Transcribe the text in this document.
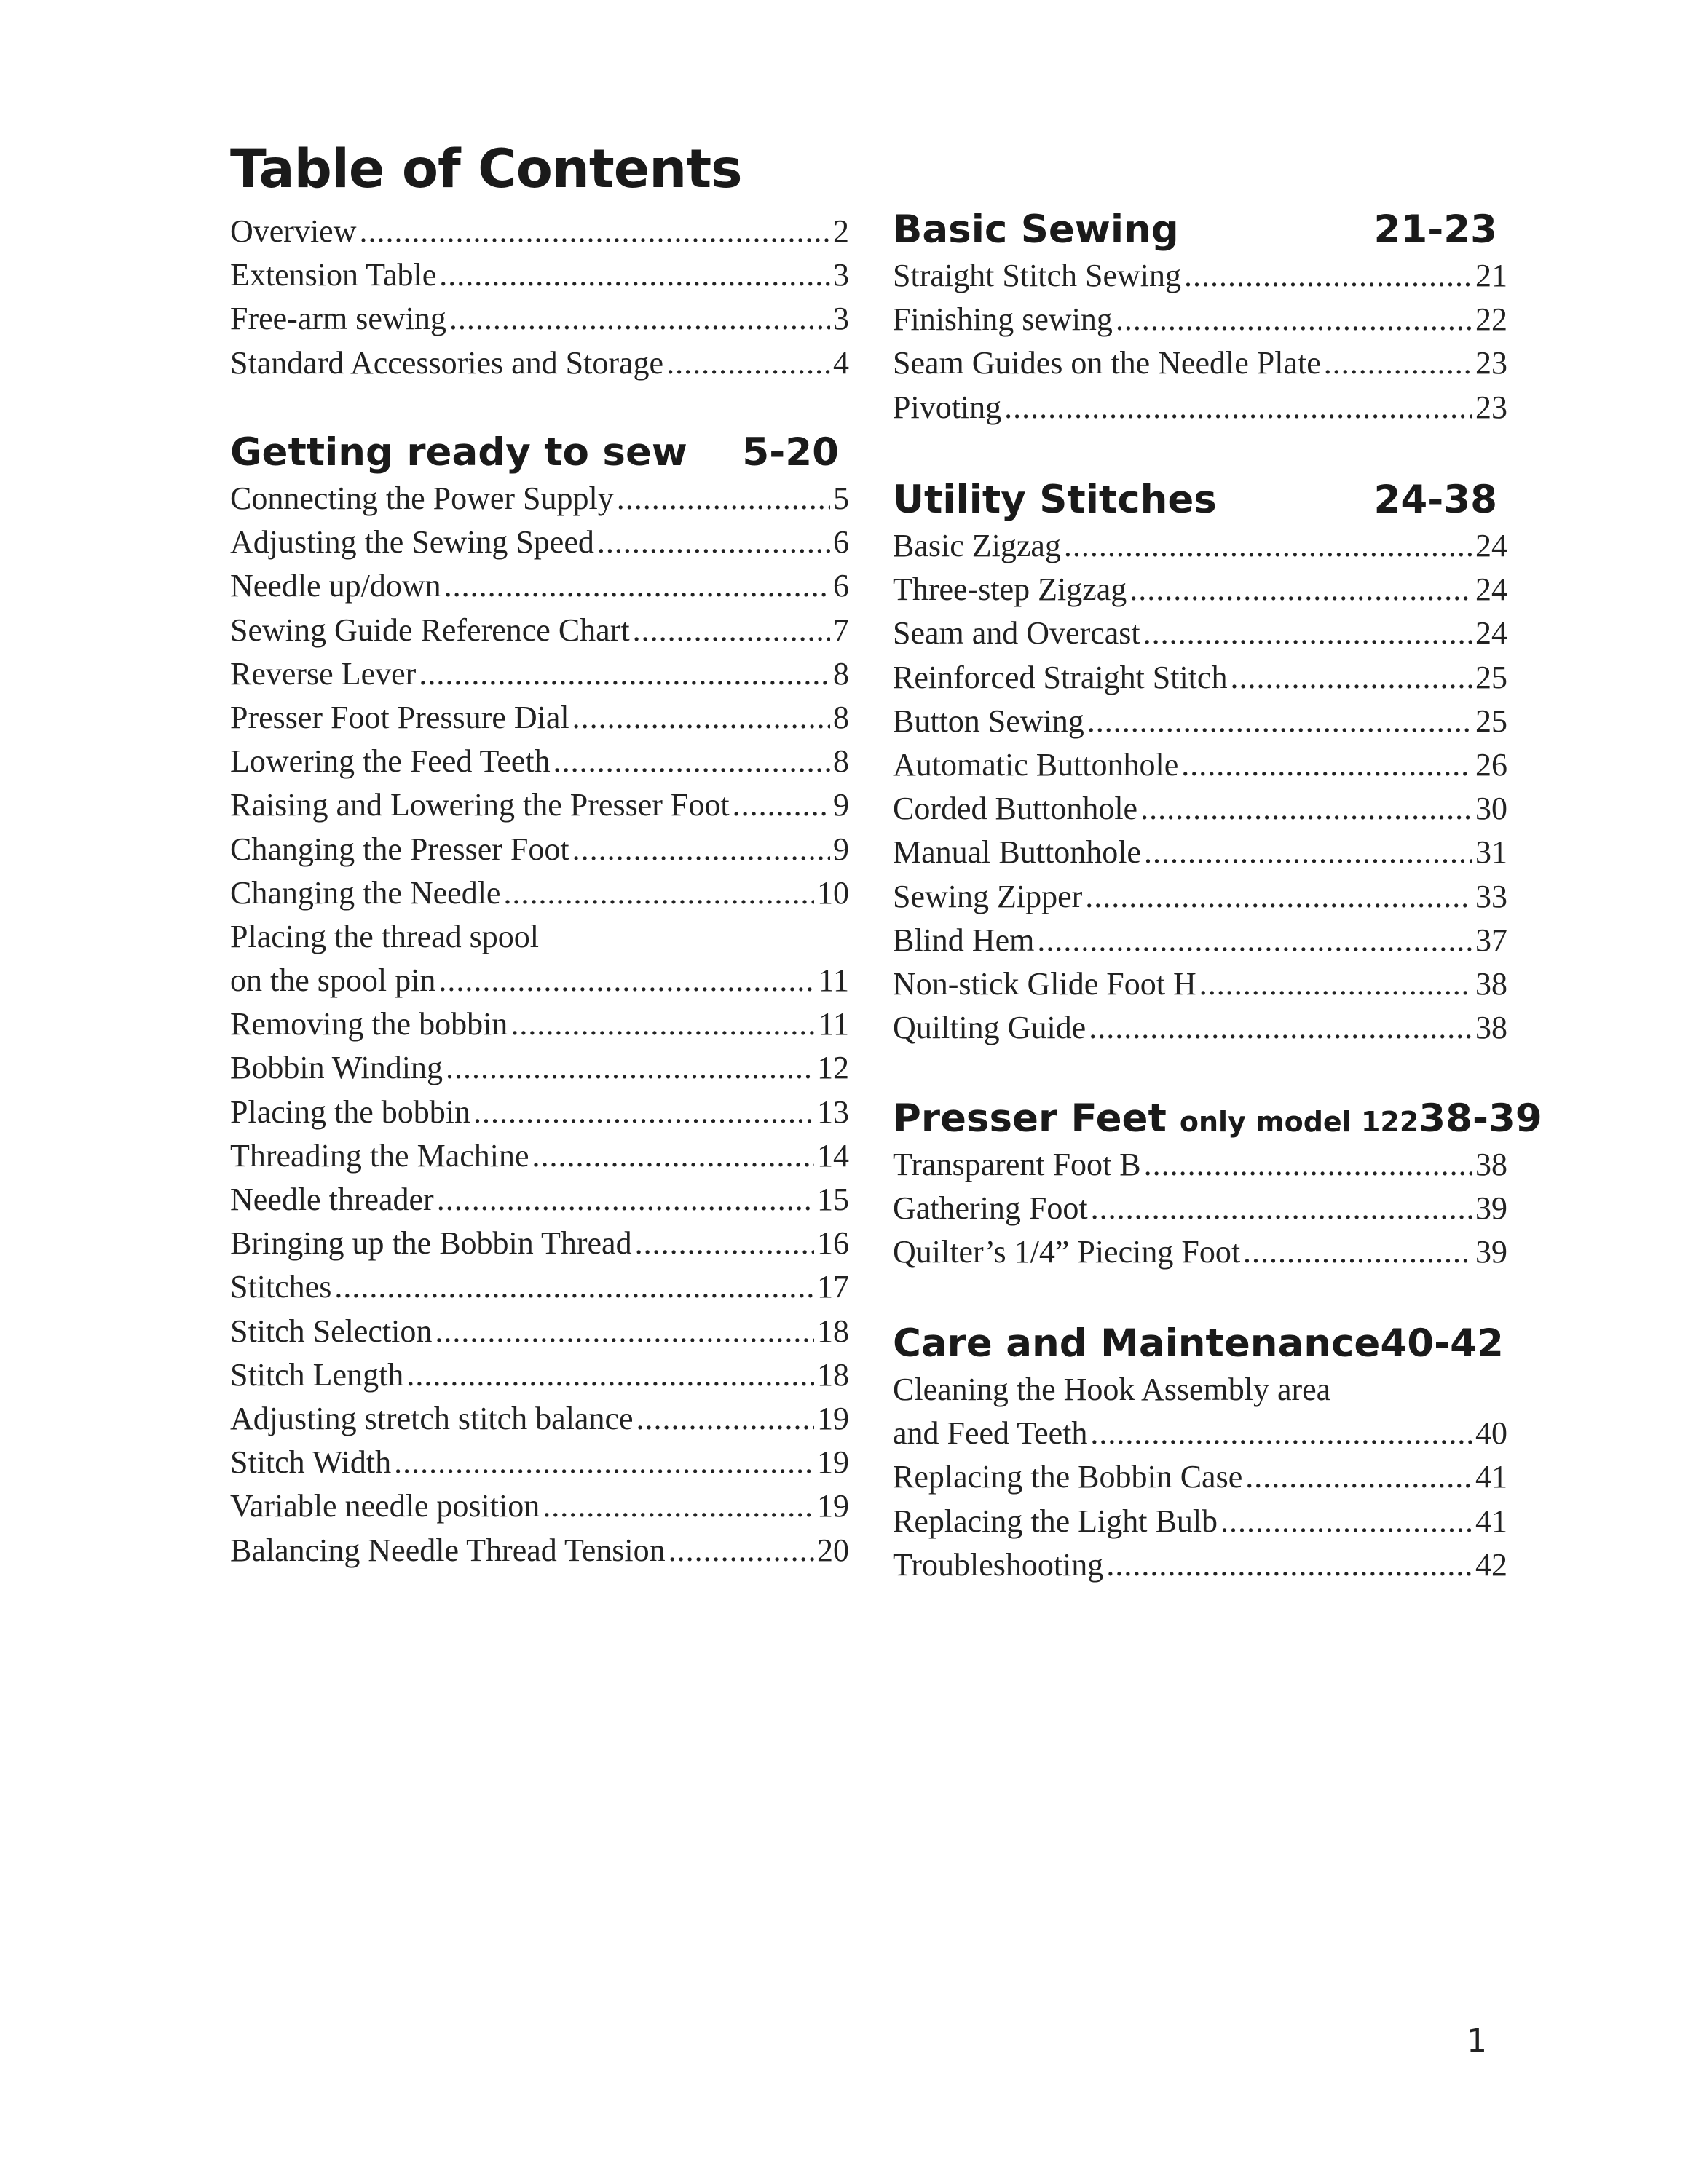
Table of Contents
Overview .....	2
Extension Table .....	3
Free-arm sewing .....	3
Standard Accessories and Storage .....	4
Getting ready to sew	5-20
Connecting the Power Supply .....	5
Adjusting the Sewing Speed .....	6
Needle up/down .....	6
Sewing Guide Reference Chart .....	7
Reverse Lever .....	8
Presser Foot Pressure Dial .....	8
Lowering the Feed Teeth .....	8
Raising and Lowering the Presser Foot .....	9
Changing the Presser Foot .....	9
Changing the Needle .....	10
Placing the thread spool
on the spool pin .....	11
Removing the bobbin .....	11
Bobbin Winding .....	12
Placing the bobbin .....	13
Threading the Machine .....	14
Needle threader .....	15
Bringing up the Bobbin Thread .....	16
Stitches .....	17
Stitch Selection .....	18
Stitch Length .....	18
Adjusting stretch stitch balance .....	19
Stitch Width .....	19
Variable needle position .....	19
Balancing Needle Thread Tension .....	20
Basic Sewing	21-23
Straight Stitch Sewing .....	21
Finishing sewing .....	22
Seam Guides on the Needle Plate .....	23
Pivoting .....	23
Utility Stitches	24-38
Basic Zigzag .....	24
Three-step Zigzag .....	24
Seam and Overcast .....	24
Reinforced Straight Stitch .....	25
Button Sewing .....	25
Automatic Buttonhole .....	26
Corded Buttonhole .....	30
Manual Buttonhole .....	31
Sewing Zipper .....	33
Blind Hem .....	37
Non-stick Glide Foot H .....	38
Quilting Guide .....	38
Presser Feet only model 122 38-39
Transparent Foot B .....	38
Gathering Foot .....	39
Quilter’s 1/4” Piecing Foot .....	39
Care and Maintenance 40-42
Cleaning the Hook Assembly area
and Feed Teeth .....	40
Replacing the Bobbin Case .....	41
Replacing the Light Bulb .....	41
Troubleshooting .....	42
1
